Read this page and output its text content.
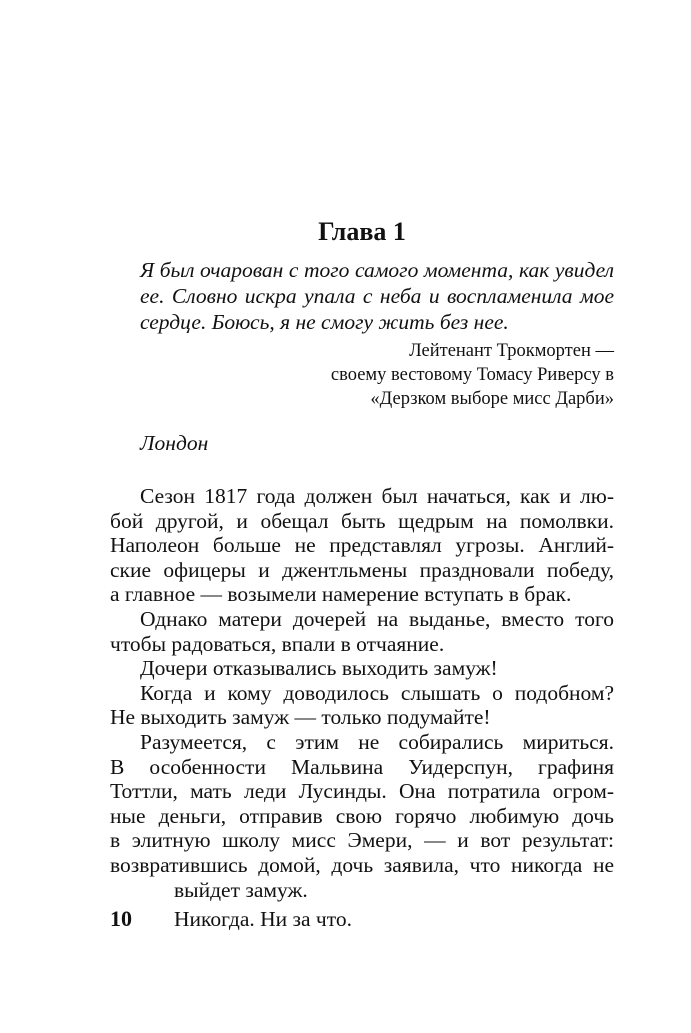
Глава 1
Я был очарован с того самого момента, как увидел
ее. Словно искра упала с неба и воспламенила мое
сердце. Боюсь, я не смогу жить без нее.
Лейтенант Трокмортен —
своему вестовому Томасу Риверсу в
«Дерзком выборе мисс Дарби»
Лондон
Сезон 1817 года должен был начаться, как и лю-
бой другой, и обещал быть щедрым на помолвки.
Наполеон больше не представлял угрозы. Англий-
ские офицеры и джентльмены праздновали победу,
а главное — возымели намерение вступать в брак.
Однако матери дочерей на выданье, вместо того
чтобы радоваться, впали в отчаяние.
Дочери отказывались выходить замуж!
Когда и кому доводилось слышать о подобном?
Не выходить замуж — только подумайте!
Разумеется, с этим не собирались мириться.
В особенности Мальвина Уидерспун, графиня
Тоттли, мать леди Лусинды. Она потратила огром-
ные деньги, отправив свою горячо любимую дочь
в элитную школу мисс Эмери, — и вот результат:
возвратившись домой, дочь заявила, что никогда не
выйдет замуж.
10 Никогда. Ни за что.
